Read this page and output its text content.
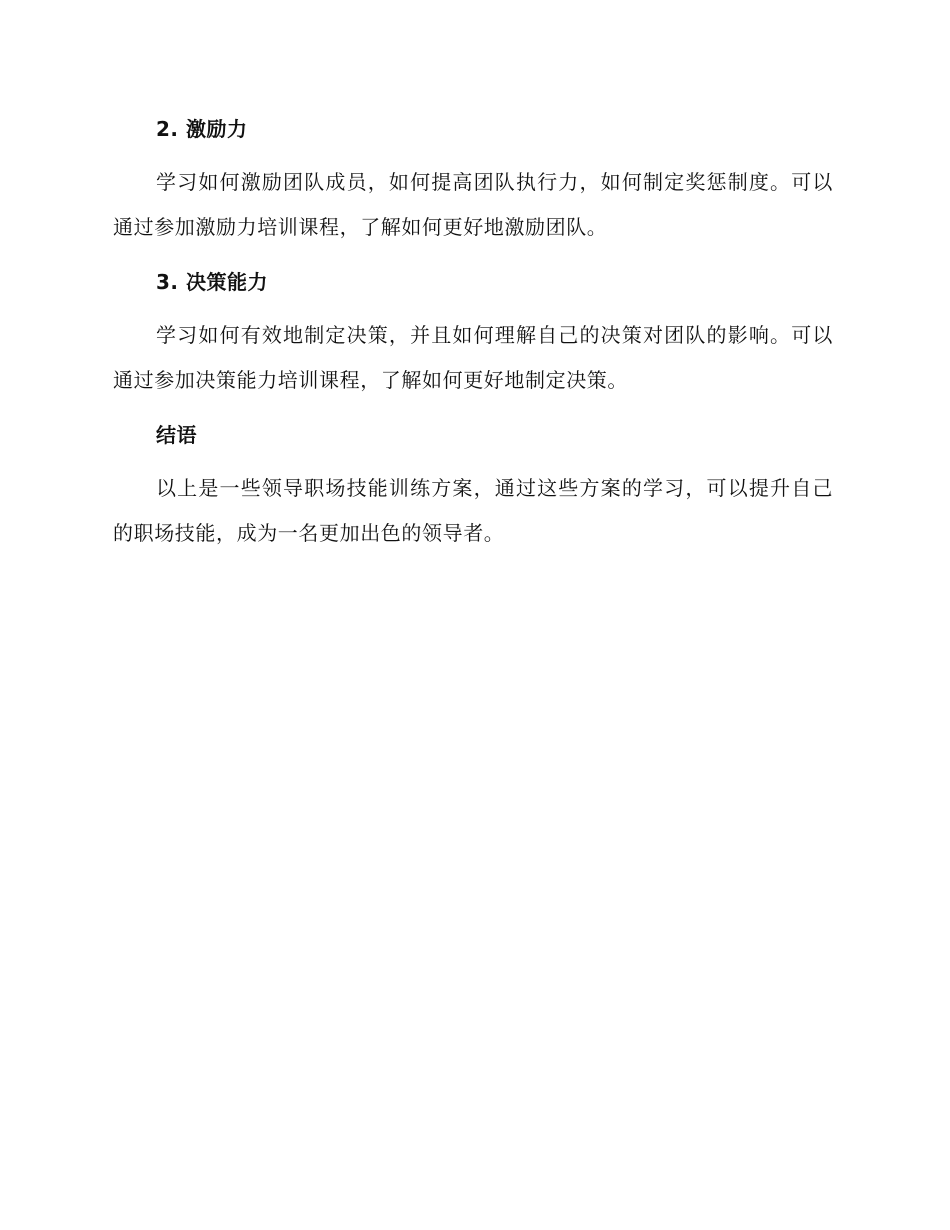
2. 激励力

学习如何激励团队成员，如何提高团队执行力，如何制定奖惩制度。可以通过参加激励力培训课程，了解如何更好地激励团队。

3. 决策能力

学习如何有效地制定决策，并且如何理解自己的决策对团队的影响。可以通过参加决策能力培训课程，了解如何更好地制定决策。

结语

以上是一些领导职场技能训练方案，通过这些方案的学习，可以提升自己的职场技能，成为一名更加出色的领导者。
